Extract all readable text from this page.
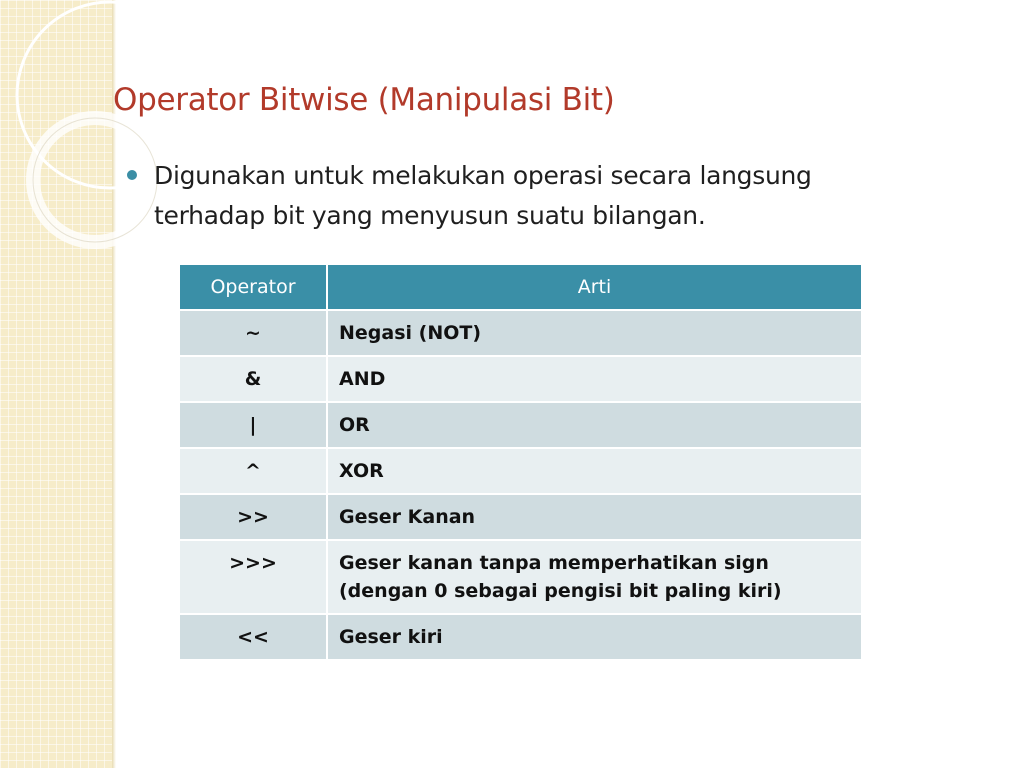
Operator Bitwise (Manipulasi Bit)
Digunakan untuk melakukan operasi secara langsung terhadap bit yang menyusun suatu bilangan.
Operator	Arti
~	Negasi (NOT)
&	AND
|	OR
^	XOR
>>	Geser Kanan
>>>	Geser kanan tanpa memperhatikan sign (dengan 0 sebagai pengisi bit paling kiri)
<<	Geser kiri
